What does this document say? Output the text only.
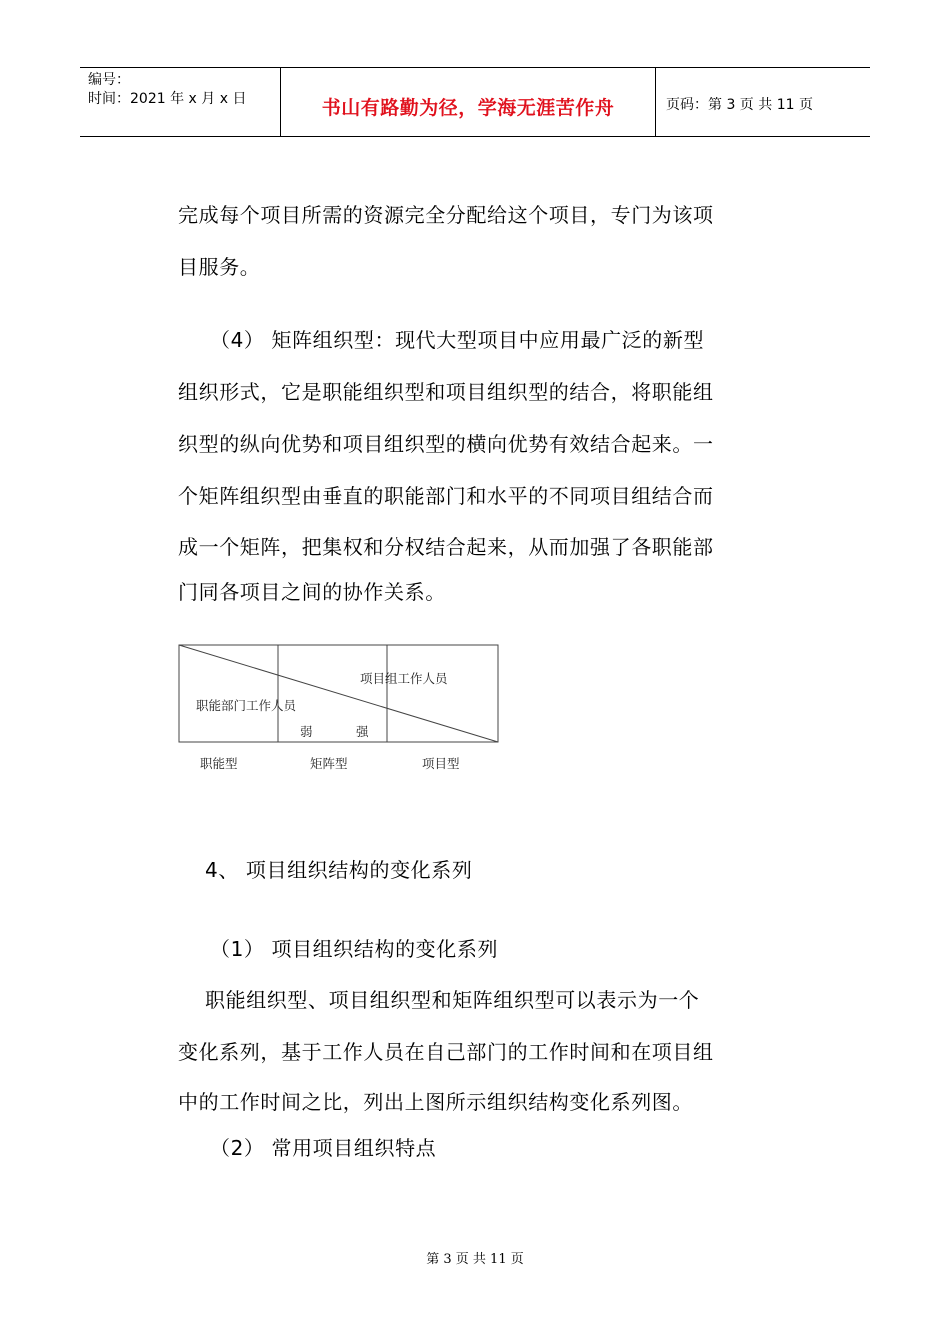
编号：
时间：2021 年 x 月 x 日	书山有路勤为径，学海无涯苦作舟	页码：第 3 页 共 11 页
完成每个项目所需的资源完全分配给这个项目，专门为该项
目服务。
（4） 矩阵组织型：现代大型项目中应用最广泛的新型
组织形式，它是职能组织型和项目组织型的结合，将职能组
织型的纵向优势和项目组织型的横向优势有效结合起来。一
个矩阵组织型由垂直的职能部门和水平的不同项目组结合而
成一个矩阵，把集权和分权结合起来，从而加强了各职能部
门同各项目之间的协作关系。
项目组工作人员
职能部门工作人员
弱	强
职能型	矩阵型	项目型
4、 项目组织结构的变化系列
（1） 项目组织结构的变化系列
职能组织型、项目组织型和矩阵组织型可以表示为一个
变化系列，基于工作人员在自己部门的工作时间和在项目组
中的工作时间之比，列出上图所示组织结构变化系列图。
（2） 常用项目组织特点
第 3 页 共 11 页
